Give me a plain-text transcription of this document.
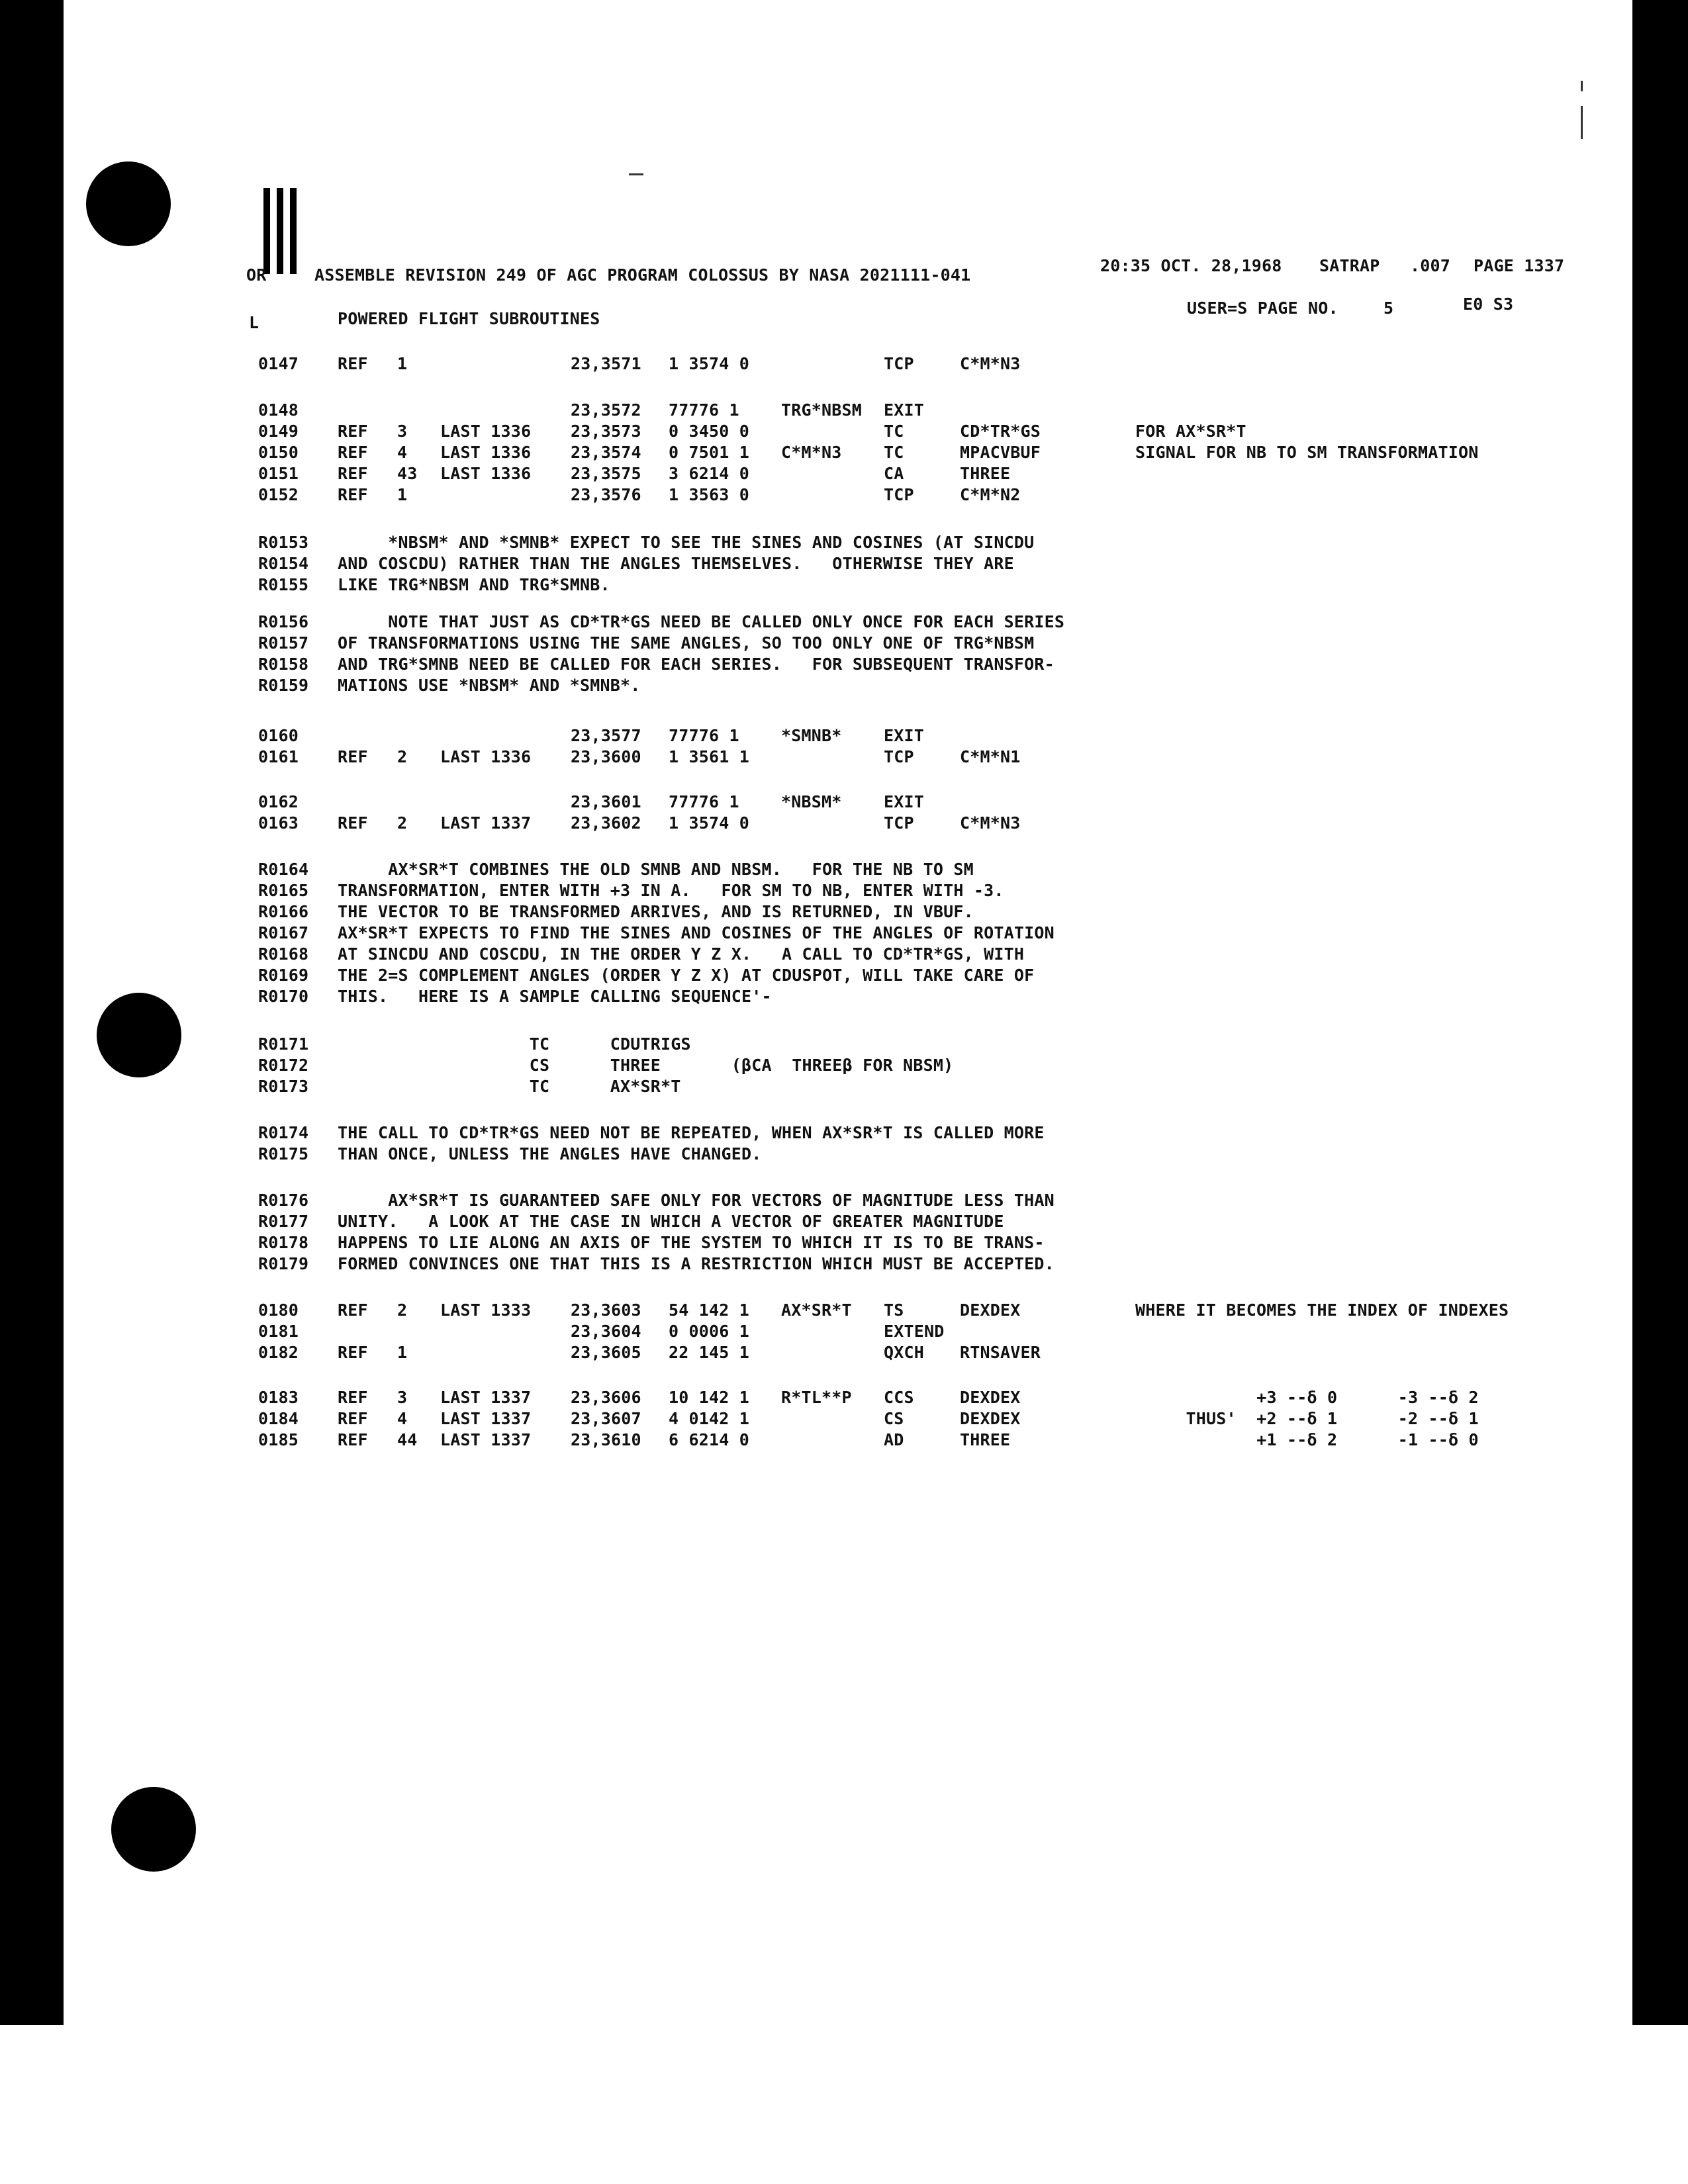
OR	ASSEMBLE REVISION 249 OF AGC PROGRAM COLOSSUS BY NASA 2021111-041	20:35 OCT. 28,1968 SATRAP .007 PAGE 1337
L	POWERED FLIGHT SUBROUTINES
USER=S PAGE NO.	5	E0 S3
0147 REF 1	23,3571 1 3574 0	TCP	C*M*N3
0148	23,3572 77776 1	TRG*NBSM EXIT
0149 REF 3 LAST 1336 23,3573 0 3450 0	TC	CD*TR*GS	FOR AX*SR*T
0150 REF 4 LAST 1336 23,3574 0 7501 1 C*M*N3	TC	MPACVBUF	SIGNAL FOR NB TO SM TRANSFORMATION
0151 REF 43 LAST 1336 23,3575 3 6214 0	CA	THREE
0152 REF 1	23,3576 1 3563 0	TCP	C*M*N2
R0153 *NBSM* AND *SMNB* EXPECT TO SEE THE SINES AND COSINES (AT SINCDU
R0154 AND COSCDU) RATHER THAN THE ANGLES THEMSELVES.   OTHERWISE THEY ARE
R0155 LIKE TRG*NBSM AND TRG*SMNB.
R0156 NOTE THAT JUST AS CD*TR*GS NEED BE CALLED ONLY ONCE FOR EACH SERIES
R0157 OF TRANSFORMATIONS USING THE SAME ANGLES, SO TOO ONLY ONE OF TRG*NBSM
R0158 AND TRG*SMNB NEED BE CALLED FOR EACH SERIES.   FOR SUBSEQUENT TRANSFOR-
R0159 MATIONS USE *NBSM* AND *SMNB*.
0160	23,3577 77776 1	*SMNB*	EXIT
0161 REF 2 LAST 1336 23,3600 1 3561 1	TCP	C*M*N1
0162	23,3601 77776 1	*NBSM*	EXIT
0163 REF 2 LAST 1337 23,3602 1 3574 0	TCP	C*M*N3
R0164 AX*SR*T COMBINES THE OLD SMNB AND NBSM.   FOR THE NB TO SM
R0165 TRANSFORMATION, ENTER WITH +3 IN A.   FOR SM TO NB, ENTER WITH -3.
R0166 THE VECTOR TO BE TRANSFORMED ARRIVES, AND IS RETURNED, IN VBUF.
R0167 AX*SR*T EXPECTS TO FIND THE SINES AND COSINES OF THE ANGLES OF ROTATION
R0168 AT SINCDU AND COSCDU, IN THE ORDER Y Z X.   A CALL TO CD*TR*GS, WITH
R0169 THE 2=S COMPLEMENT ANGLES (ORDER Y Z X) AT CDUSPOT, WILL TAKE CARE OF
R0170 THIS.   HERE IS A SAMPLE CALLING SEQUENCE'-
R0171 TC      CDUTRIGS
R0172 CS      THREE       (βCA  THREEβ FOR NBSM)
R0173 TC      AX*SR*T
R0174 THE CALL TO CD*TR*GS NEED NOT BE REPEATED, WHEN AX*SR*T IS CALLED MORE
R0175 THAN ONCE, UNLESS THE ANGLES HAVE CHANGED.
R0176 AX*SR*T IS GUARANTEED SAFE ONLY FOR VECTORS OF MAGNITUDE LESS THAN
R0177 UNITY.   A LOOK AT THE CASE IN WHICH A VECTOR OF GREATER MAGNITUDE
R0178 HAPPENS TO LIE ALONG AN AXIS OF THE SYSTEM TO WHICH IT IS TO BE TRANS-
R0179 FORMED CONVINCES ONE THAT THIS IS A RESTRICTION WHICH MUST BE ACCEPTED.
0180 REF 2 LAST 1333 23,3603 54 142 1 AX*SR*T TS	DEXDEX	WHERE IT BECOMES THE INDEX OF INDEXES
0181	23,3604 0 0006 1	EXTEND
0182 REF 1	23,3605 22 145 1	QXCH RTNSAVER
0183 REF 3 LAST 1337 23,3606 10 142 1 R*TL**P CCS	DEXDEX	+3 --δ 0      -3 --δ 2
0184 REF 4 LAST 1337 23,3607 4 0142 1	CS	DEXDEX	THUS'  +2 --δ 1      -2 --δ 1
0185 REF 44 LAST 1337 23,3610 6 6214 0	AD	THREE	+1 --δ 2      -1 --δ 0
